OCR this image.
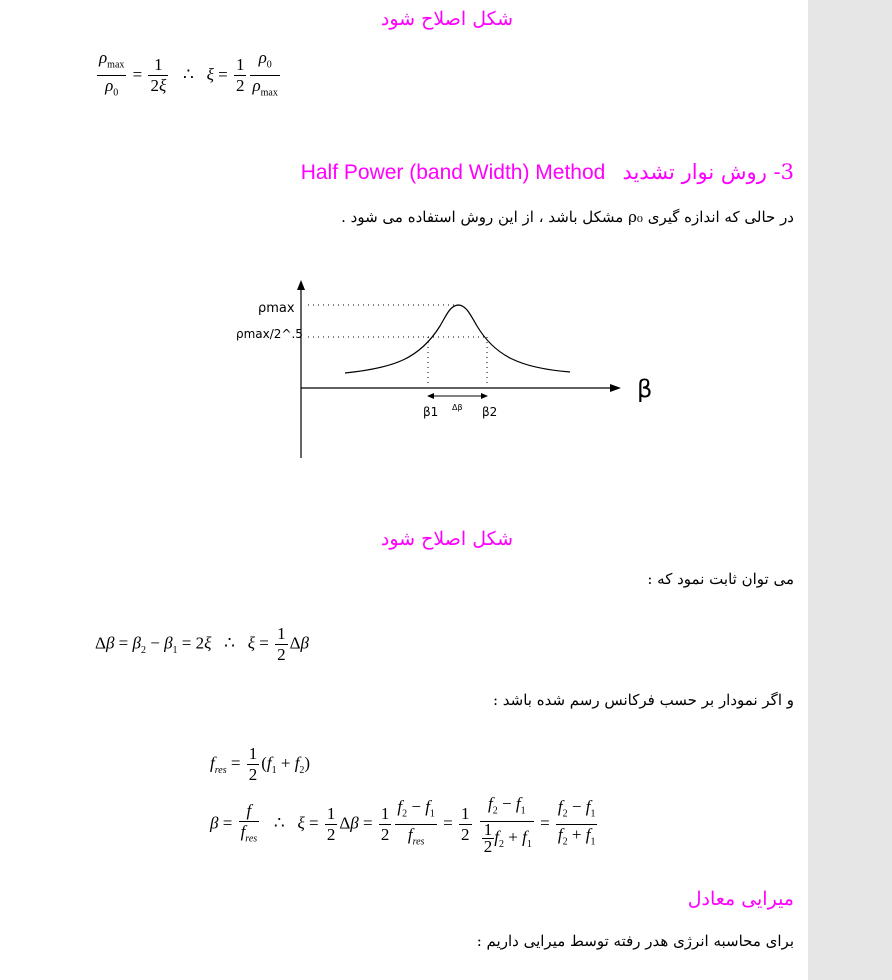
شکل اصلاح شود
$\frac{\rho_{max}}{\rho_0} = \frac{1}{2\xi}$ ∴   $\xi = \frac{1}{2} \frac{\rho_0}{\rho_{max}}$
3- روش نوار تشدید Half Power (band Width) Method
در حالی که اندازه گیری ρ₀ مشکل باشد ، از این روش استفاده می شود .
ρmax
ρmax/2^.5
β
β1	β2
Δβ
شکل اصلاح شود
می توان ثابت نمود که :
$\Delta\beta = \beta_2 - \beta_1 = 2\xi$   ∴   $\xi = \frac{1}{2}$ Δβ
و اگر نمودار بر حسب فرکانس رسم شده باشد :
$f_{res} = \frac{1}{2} (f_1 + f_2)$
$\beta = \frac{f}{f_{res}}$ ∴   $\xi = \frac{1}{2}$ $\Delta\beta = \frac{1}{2} \frac{f_2 - f_1}{f_{res}} = \frac{1}{2}$
$\frac{f_2 - f_1}{\frac{1}{2} f_2 + f_1} = \frac{f_2 - f_1}{f_2 + f_1}$
میرایی معادل
برای محاسبه انرژی هدر رفته توسط میرایی داریم :
